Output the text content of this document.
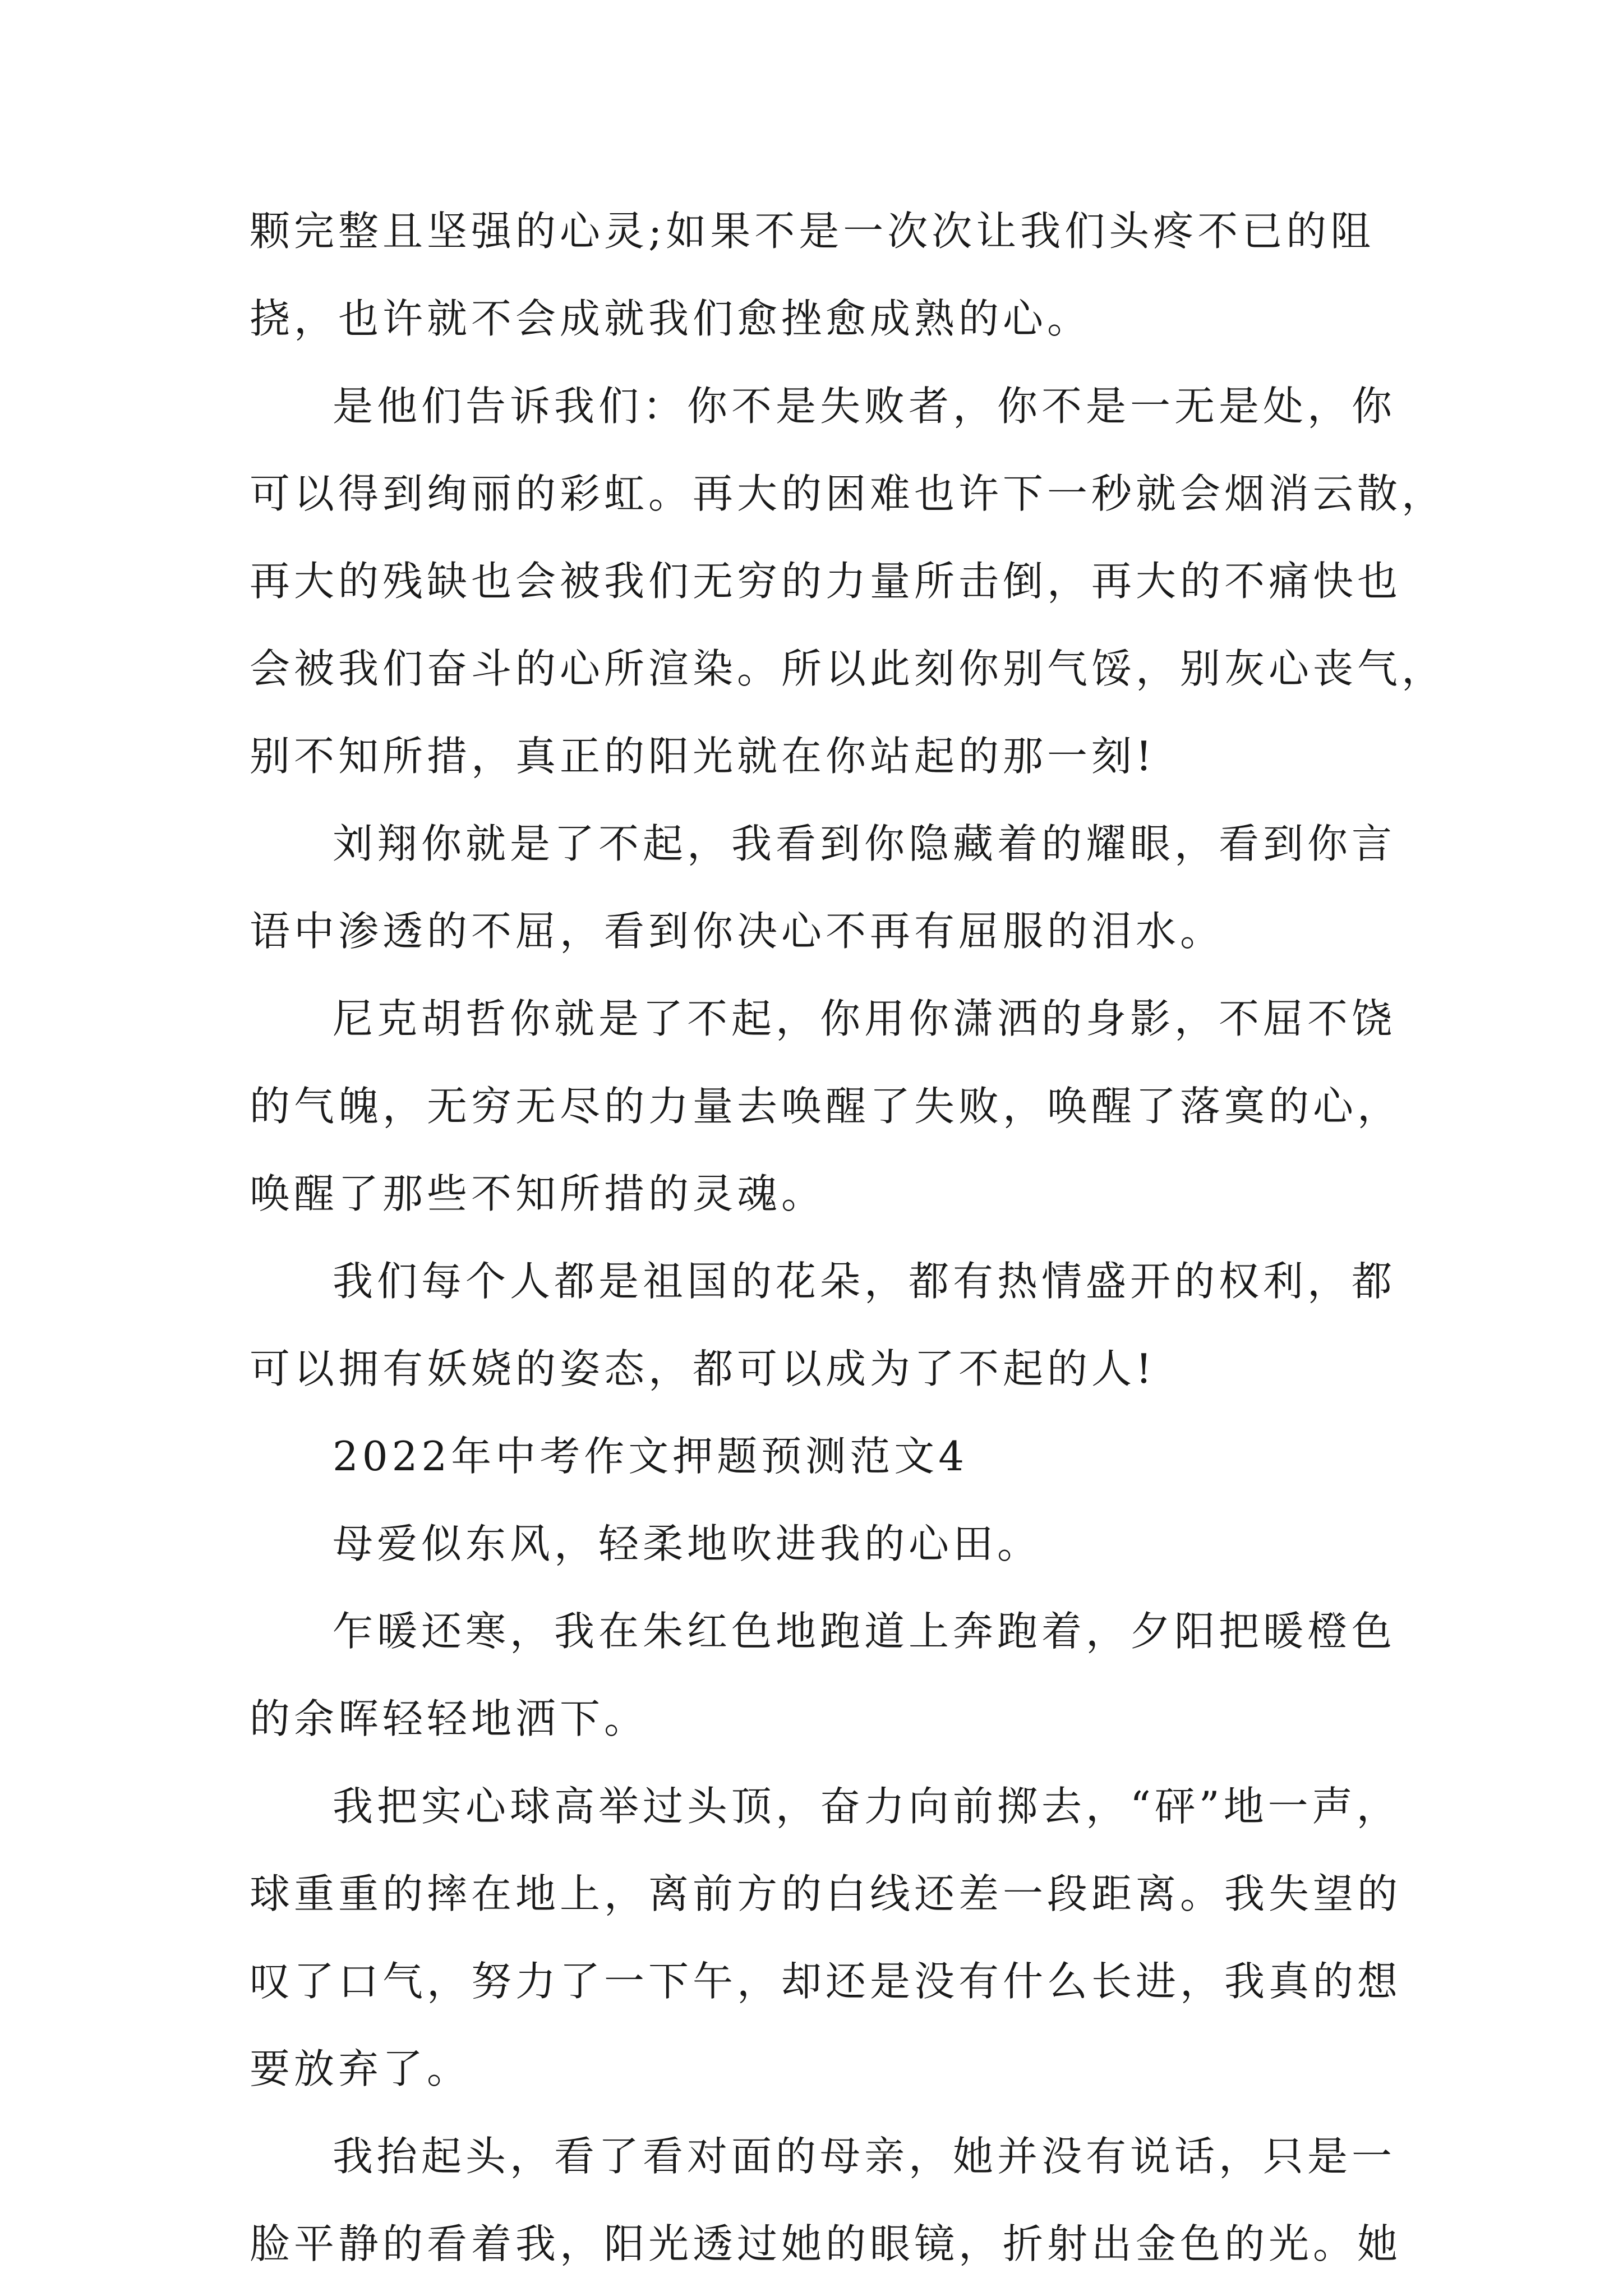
颗完整且坚强的心灵;如果不是一次次让我们头疼不已的阻
挠，也许就不会成就我们愈挫愈成熟的心。
是他们告诉我们：你不是失败者，你不是一无是处，你
可以得到绚丽的彩虹。再大的困难也许下一秒就会烟消云散，
再大的残缺也会被我们无穷的力量所击倒，再大的不痛快也
会被我们奋斗的心所渲染。所以此刻你别气馁，别灰心丧气，
别不知所措，真正的阳光就在你站起的那一刻!
刘翔你就是了不起，我看到你隐藏着的耀眼，看到你言
语中渗透的不屈，看到你决心不再有屈服的泪水。
尼克胡哲你就是了不起，你用你潇洒的身影，不屈不饶
的气魄，无穷无尽的力量去唤醒了失败，唤醒了落寞的心，
唤醒了那些不知所措的灵魂。
我们每个人都是祖国的花朵，都有热情盛开的权利，都
可以拥有妖娆的姿态，都可以成为了不起的人!
2022年中考作文押题预测范文4
母爱似东风，轻柔地吹进我的心田。
乍暖还寒，我在朱红色地跑道上奔跑着，夕阳把暖橙色
的余晖轻轻地洒下。
我把实心球高举过头顶，奋力向前掷去，“砰”地一声，
球重重的摔在地上，离前方的白线还差一段距离。我失望的
叹了口气，努力了一下午，却还是没有什么长进，我真的想
要放弃了。
我抬起头，看了看对面的母亲，她并没有说话，只是一
脸平静的看着我，阳光透过她的眼镜，折射出金色的光。她
